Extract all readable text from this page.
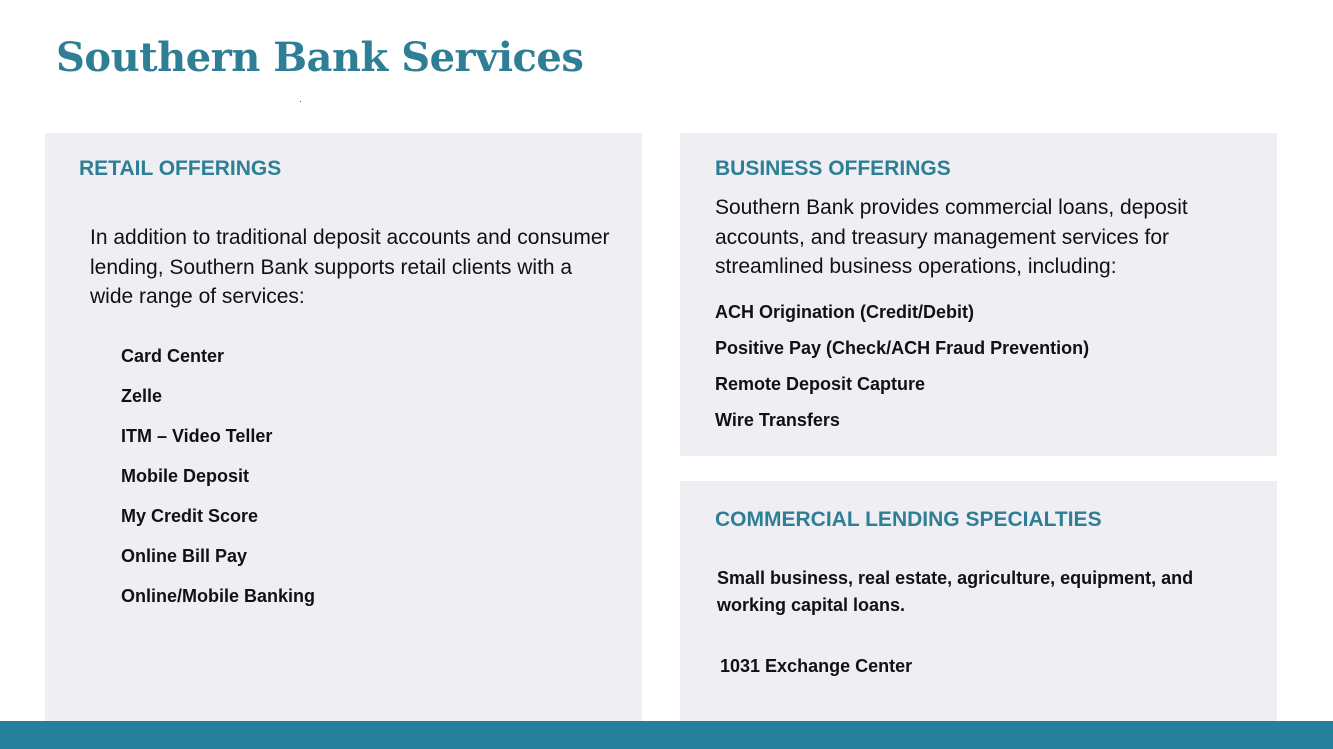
Southern Bank Services
RETAIL OFFERINGS

In addition to traditional deposit accounts and consumer lending, Southern Bank supports retail clients with a wide range of services:

Card Center
Zelle
ITM – Video Teller
Mobile Deposit
My Credit Score
Online Bill Pay
Online/Mobile Banking
BUSINESS OFFERINGS

Southern Bank provides commercial loans, deposit accounts, and treasury management services for streamlined business operations, including:

ACH Origination (Credit/Debit)
Positive Pay (Check/ACH Fraud Prevention)
Remote Deposit Capture
Wire Transfers
COMMERCIAL LENDING SPECIALTIES

Small business, real estate, agriculture, equipment, and working capital loans.

1031 Exchange Center
